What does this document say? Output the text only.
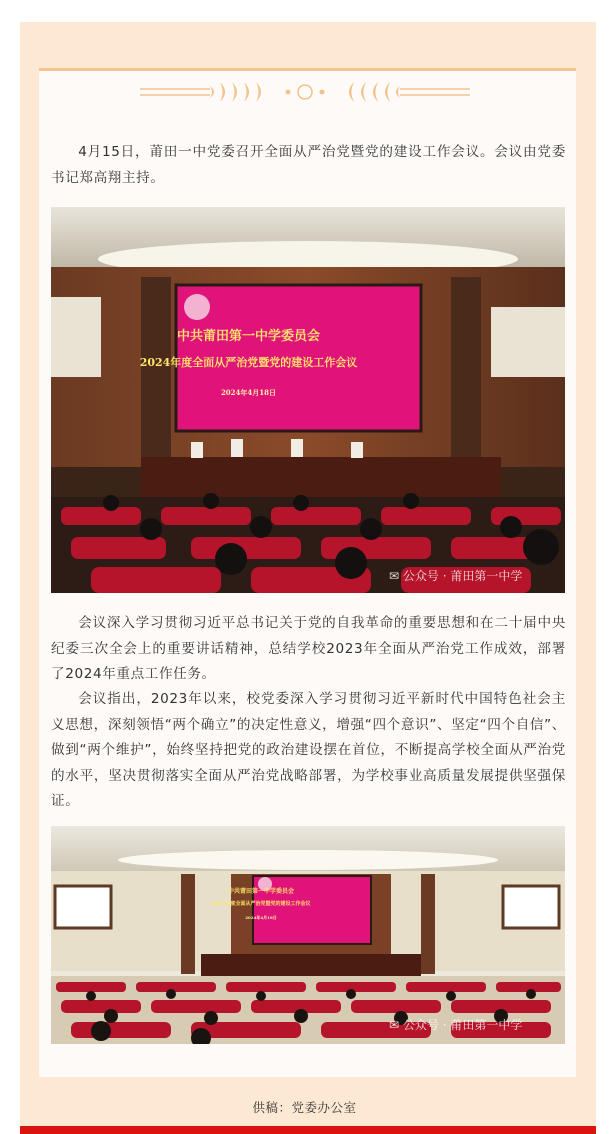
4月15日，莆田一中党委召开全面从严治党暨党的建设工作会议。会议由党委书记郑高翔主持。

中共莆田第一中学委员会
2024年度全面从严治党暨党的建设工作会议
2024年4月18日
✉ 公众号 · 莆田第一中学

会议深入学习贯彻习近平总书记关于党的自我革命的重要思想和在二十届中央纪委三次全会上的重要讲话精神，总结学校2023年全面从严治党工作成效，部署了2024年重点工作任务。

会议指出，2023年以来，校党委深入学习贯彻习近平新时代中国特色社会主义思想，深刻领悟“两个确立”的决定性意义，增强“四个意识”、坚定“四个自信”、做到“两个维护”，始终坚持把党的政治建设摆在首位，不断提高学校全面从严治党的水平，坚决贯彻落实全面从严治党战略部署，为学校事业高质量发展提供坚强保证。

中共莆田第一中学委员会
2024年度全面从严治党暨党的建设工作会议
2024年4月18日
✉ 公众号 · 莆田第一中学
供稿：党委办公室
